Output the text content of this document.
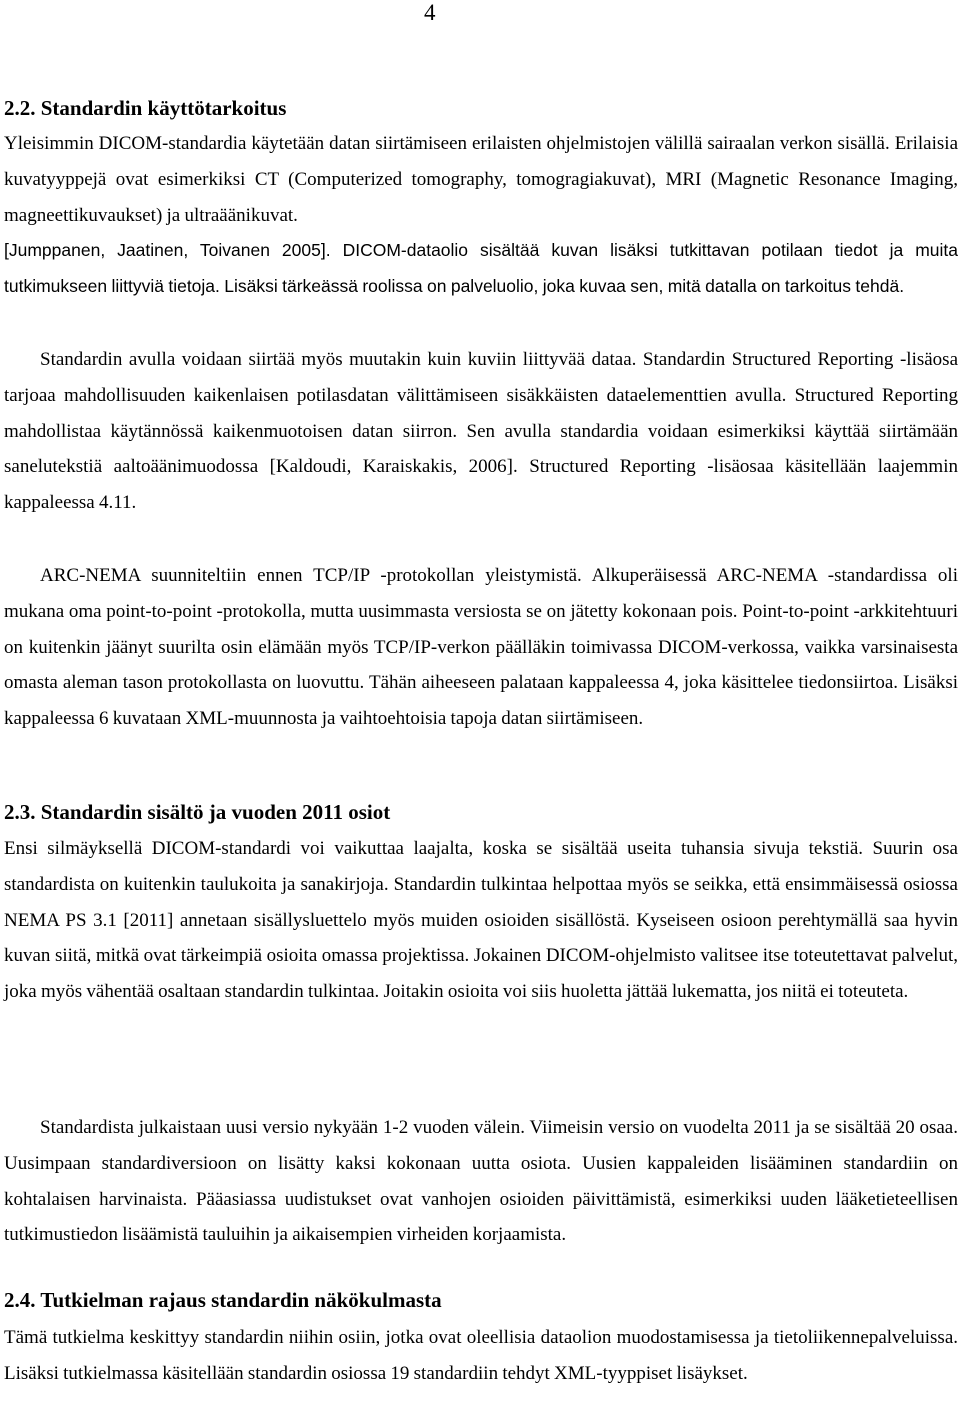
4
2.2. Standardin käyttötarkoitus
Yleisimmin DICOM-standardia käytetään datan siirtämiseen erilaisten ohjelmistojen välillä sairaalan verkon sisällä. Erilaisia kuvatyyppejä ovat esimerkiksi CT (Computerized tomography, tomogragiakuvat), MRI (Magnetic Resonance Imaging, magneettikuvaukset) ja ultraäänikuvat.
[Jumppanen, Jaatinen, Toivanen 2005]. DICOM-dataolio sisältää kuvan lisäksi tutkittavan potilaan tiedot ja muita tutkimukseen liittyviä tietoja. Lisäksi tärkeässä roolissa on palveluolio, joka kuvaa sen, mitä datalla on tarkoitus tehdä.
Standardin avulla voidaan siirtää myös muutakin kuin kuviin liittyvää dataa. Standardin Structured Reporting -lisäosa tarjoaa mahdollisuuden kaikenlaisen potilasdatan välittämiseen sisäkkäisten dataelementtien avulla. Structured Reporting mahdollistaa käytännössä kaikenmuotoisen datan siirron. Sen avulla standardia voidaan esimerkiksi käyttää siirtämään sanelutekstiä aaltoäänimuodossa [Kaldoudi, Karaiskakis, 2006]. Structured Reporting -lisäosaa käsitellään laajemmin kappaleessa 4.11.
ARC-NEMA suunniteltiin ennen TCP/IP -protokollan yleistymistä. Alkuperäisessä ARC-NEMA -standardissa oli mukana oma point-to-point -protokolla, mutta uusimmasta versiosta se on jätetty kokonaan pois. Point-to-point -arkkitehtuuri on kuitenkin jäänyt suurilta osin elämään myös TCP/IP-verkon päälläkin toimivassa DICOM-verkossa, vaikka varsinaisesta omasta aleman tason protokollasta on luovuttu. Tähän aiheeseen palataan kappaleessa 4, joka käsittelee tiedonsiirtoa. Lisäksi kappaleessa 6 kuvataan XML-muunnosta ja vaihtoehtoisia tapoja datan siirtämiseen.
2.3. Standardin sisältö ja vuoden 2011 osiot
Ensi silmäyksellä DICOM-standardi voi vaikuttaa laajalta, koska se sisältää useita tuhansia sivuja tekstiä. Suurin osa standardista on kuitenkin taulukoita ja sanakirjoja. Standardin tulkintaa helpottaa myös se seikka, että ensimmäisessä osiossa NEMA PS 3.1 [2011] annetaan sisällysluettelo myös muiden osioiden sisällöstä. Kyseiseen osioon perehtymällä saa hyvin kuvan siitä, mitkä ovat tärkeimpiä osioita omassa projektissa. Jokainen DICOM-ohjelmisto valitsee itse toteutettavat palvelut, joka myös vähentää osaltaan standardin tulkintaa. Joitakin osioita voi siis huoletta jättää lukematta, jos niitä ei toteuteta.
Standardista julkaistaan uusi versio nykyään 1-2 vuoden välein. Viimeisin versio on vuodelta 2011 ja se sisältää 20 osaa. Uusimpaan standardiversioon on lisätty kaksi kokonaan uutta osiota. Uusien kappaleiden lisääminen standardiin on kohtalaisen harvinaista. Pääasiassa uudistukset ovat vanhojen osioiden päivittämistä, esimerkiksi uuden lääketieteellisen tutkimustiedon lisäämistä tauluihin ja aikaisempien virheiden korjaamista.
2.4. Tutkielman rajaus standardin näkökulmasta
Tämä tutkielma keskittyy standardin niihin osiin, jotka ovat oleellisia dataolion muodostamisessa ja tietoliikennepalveluissa. Lisäksi tutkielmassa käsitellään standardin osiossa 19 standardiin tehdyt XML-tyyppiset lisäykset.
